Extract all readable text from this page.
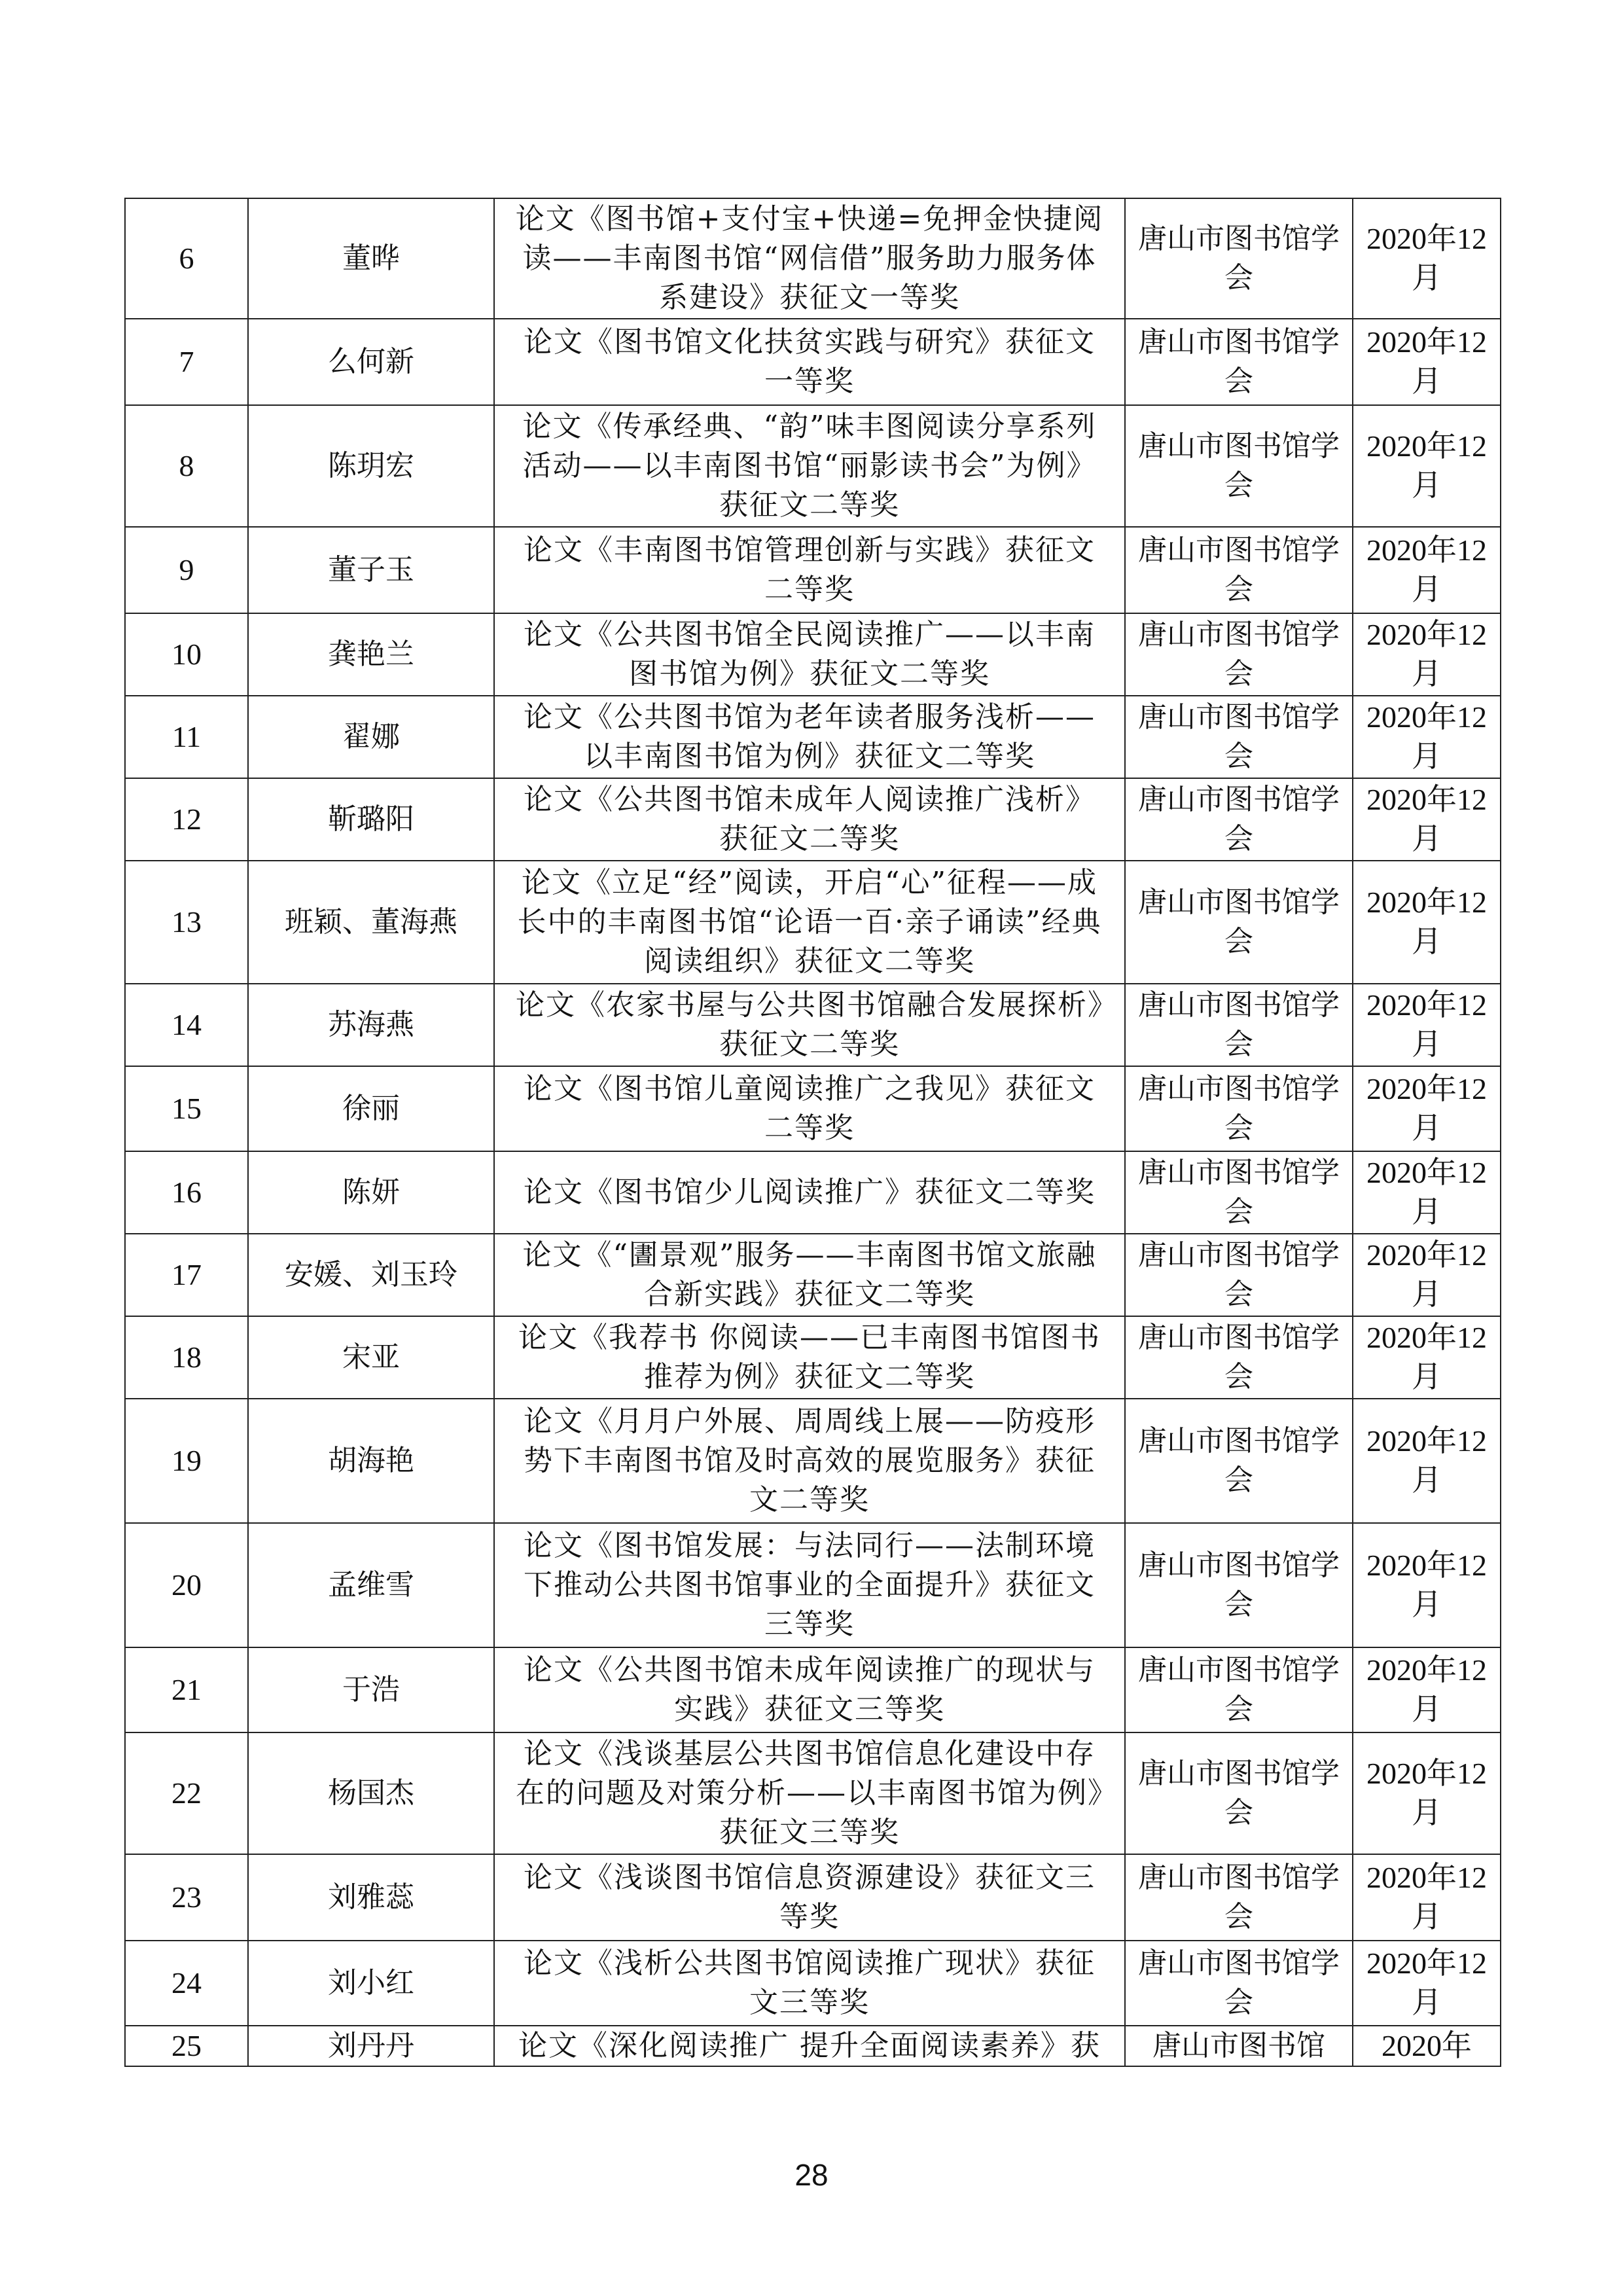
6	董晔	论文《图书馆+支付宝+快递=免押金快捷阅读——丰南图书馆“网信借”服务助力服务体系建设》获征文一等奖	唐山市图书馆学会	2020年12月
7	么何新	论文《图书馆文化扶贫实践与研究》获征文一等奖	唐山市图书馆学会	2020年12月
8	陈玥宏	论文《传承经典、“韵”味丰图阅读分享系列活动——以丰南图书馆“丽影读书会”为例》获征文二等奖	唐山市图书馆学会	2020年12月
9	董子玉	论文《丰南图书馆管理创新与实践》获征文二等奖	唐山市图书馆学会	2020年12月
10	龚艳兰	论文《公共图书馆全民阅读推广——以丰南图书馆为例》获征文二等奖	唐山市图书馆学会	2020年12月
11	翟娜	论文《公共图书馆为老年读者服务浅析——以丰南图书馆为例》获征文二等奖	唐山市图书馆学会	2020年12月
12	靳璐阳	论文《公共图书馆未成年人阅读推广浅析》获征文二等奖	唐山市图书馆学会	2020年12月
13	班颖、董海燕	论文《立足“经”阅读，开启“心”征程——成长中的丰南图书馆“论语一百·亲子诵读”经典阅读组织》获征文二等奖	唐山市图书馆学会	2020年12月
14	苏海燕	论文《农家书屋与公共图书馆融合发展探析》获征文二等奖	唐山市图书馆学会	2020年12月
15	徐丽	论文《图书馆儿童阅读推广之我见》获征文二等奖	唐山市图书馆学会	2020年12月
16	陈妍	论文《图书馆少儿阅读推广》获征文二等奖	唐山市图书馆学会	2020年12月
17	安媛、刘玉玲	论文《“圕景观”服务——丰南图书馆文旅融合新实践》获征文二等奖	唐山市图书馆学会	2020年12月
18	宋亚	论文《我荐书 你阅读——已丰南图书馆图书推荐为例》获征文二等奖	唐山市图书馆学会	2020年12月
19	胡海艳	论文《月月户外展、周周线上展——防疫形势下丰南图书馆及时高效的展览服务》获征文二等奖	唐山市图书馆学会	2020年12月
20	孟维雪	论文《图书馆发展：与法同行——法制环境下推动公共图书馆事业的全面提升》获征文三等奖	唐山市图书馆学会	2020年12月
21	于浩	论文《公共图书馆未成年阅读推广的现状与实践》获征文三等奖	唐山市图书馆学会	2020年12月
22	杨国杰	论文《浅谈基层公共图书馆信息化建设中存在的问题及对策分析——以丰南图书馆为例》获征文三等奖	唐山市图书馆学会	2020年12月
23	刘雅蕊	论文《浅谈图书馆信息资源建设》获征文三等奖	唐山市图书馆学会	2020年12月
24	刘小红	论文《浅析公共图书馆阅读推广现状》获征文三等奖	唐山市图书馆学会	2020年12月
25	刘丹丹	论文《深化阅读推广 提升全面阅读素养》获	唐山市图书馆	2020年
28
